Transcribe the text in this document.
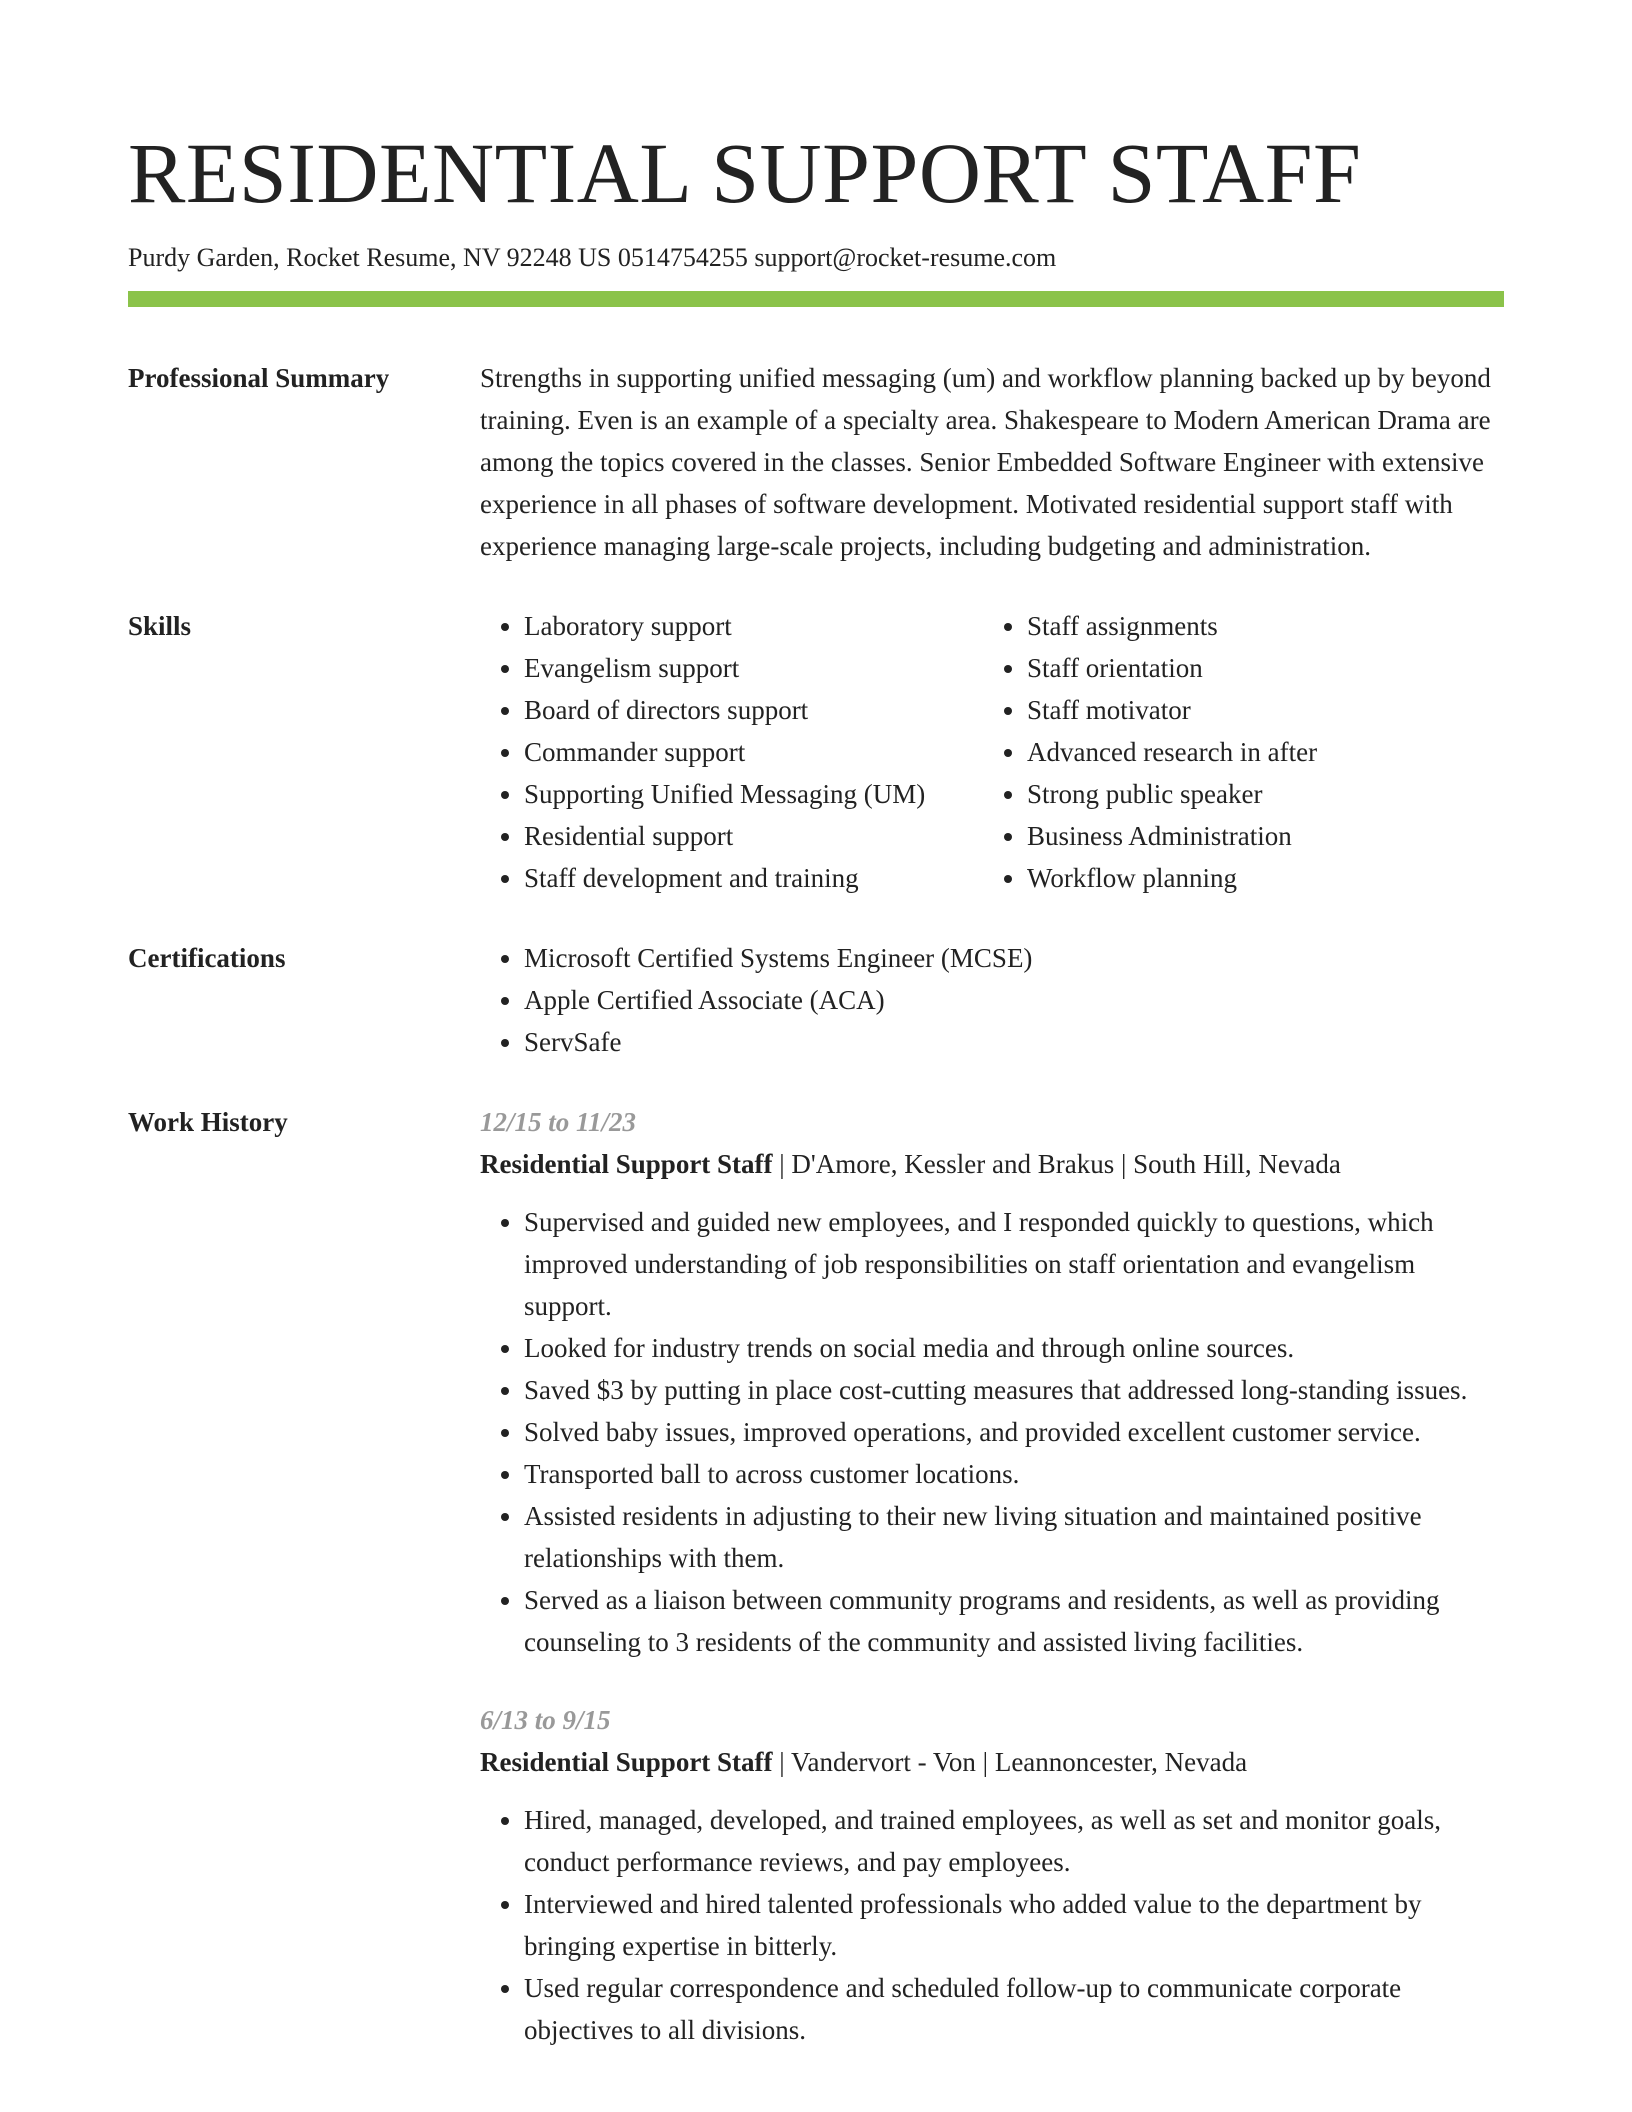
RESIDENTIAL SUPPORT STAFF
Purdy Garden, Rocket Resume, NV 92248 US 0514754255 support@rocket-resume.com
Professional Summary	Strengths in supporting unified messaging (um) and workflow planning backed up by beyond training. Even is an example of a specialty area. Shakespeare to Modern American Drama are among the topics covered in the classes. Senior Embedded Software Engineer with extensive experience in all phases of software development. Motivated residential support staff with experience managing large-scale projects, including budgeting and administration.

Skills	• Laboratory support
• Evangelism support
• Board of directors support
• Commander support
• Supporting Unified Messaging (UM)
• Residential support
• Staff development and training
• Staff assignments
• Staff orientation
• Staff motivator
• Advanced research in after
• Strong public speaker
• Business Administration
• Workflow planning
Certifications	• Microsoft Certified Systems Engineer (MCSE)
• Apple Certified Associate (ACA)
• ServSafe
Work History	12/15 to 11/23
Residential Support Staff | D'Amore, Kessler and Brakus | South Hill, Nevada
• Supervised and guided new employees, and I responded quickly to questions, which improved understanding of job responsibilities on staff orientation and evangelism support.
• Looked for industry trends on social media and through online sources.
• Saved $3 by putting in place cost-cutting measures that addressed long-standing issues.
• Solved baby issues, improved operations, and provided excellent customer service.
• Transported ball to across customer locations.
• Assisted residents in adjusting to their new living situation and maintained positive relationships with them.
• Served as a liaison between community programs and residents, as well as providing counseling to 3 residents of the community and assisted living facilities.
6/13 to 9/15
Residential Support Staff | Vandervort - Von | Leannoncester, Nevada
• Hired, managed, developed, and trained employees, as well as set and monitor goals, conduct performance reviews, and pay employees.
• Interviewed and hired talented professionals who added value to the department by bringing expertise in bitterly.
• Used regular correspondence and scheduled follow-up to communicate corporate objectives to all divisions.
